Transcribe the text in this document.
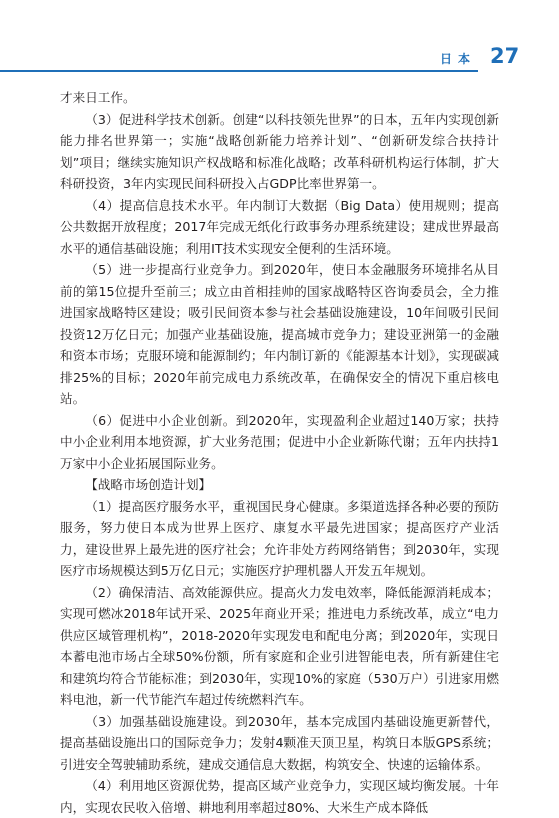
日本 27

才来日工作。

（3）促进科学技术创新。创建“以科技领先世界”的日本，五年内实现创新能力排名世界第一；实施“战略创新能力培养计划”、“创新研发综合扶持计划”项目；继续实施知识产权战略和标准化战略；改革科研机构运行体制，扩大科研投资，3年内实现民间科研投入占GDP比率世界第一。

（4）提高信息技术水平。年内制订大数据（Big Data）使用规则；提高公共数据开放程度；2017年完成无纸化行政事务办理系统建设；建成世界最高水平的通信基础设施；利用IT技术实现安全便利的生活环境。

（5）进一步提高行业竞争力。到2020年，使日本金融服务环境排名从目前的第15位提升至前三；成立由首相挂帅的国家战略特区咨询委员会，全力推进国家战略特区建设；吸引民间资本参与社会基础设施建设，10年间吸引民间投资12万亿日元；加强产业基础设施，提高城市竞争力；建设亚洲第一的金融和资本市场；克服环境和能源制约；年内制订新的《能源基本计划》，实现碳减排25%的目标；2020年前完成电力系统改革，在确保安全的情况下重启核电站。

（6）促进中小企业创新。到2020年，实现盈利企业超过140万家；扶持中小企业利用本地资源，扩大业务范围；促进中小企业新陈代谢；五年内扶持1万家中小企业拓展国际业务。

【战略市场创造计划】

（1）提高医疗服务水平，重视国民身心健康。多渠道选择各种必要的预防服务，努力使日本成为世界上医疗、康复水平最先进国家；提高医疗产业活力，建设世界上最先进的医疗社会；允许非处方药网络销售；到2030年，实现医疗市场规模达到5万亿日元；实施医疗护理机器人开发五年规划。

（2）确保清洁、高效能源供应。提高火力发电效率，降低能源消耗成本；实现可燃冰2018年试开采、2025年商业开采；推进电力系统改革，成立“电力供应区域管理机构”，2018-2020年实现发电和配电分离；到2020年，实现日本蓄电池市场占全球50%份额，所有家庭和企业引进智能电表，所有新建住宅和建筑均符合节能标准；到2030年，实现10%的家庭（530万户）引进家用燃料电池，新一代节能汽车超过传统燃料汽车。

（3）加强基础设施建设。到2030年，基本完成国内基础设施更新替代，提高基础设施出口的国际竞争力；发射4颗准天顶卫星，构筑日本版GPS系统；引进安全驾驶辅助系统，建成交通信息大数据，构筑安全、快速的运输体系。

（4）利用地区资源优势，提高区域产业竞争力，实现区域均衡发展。十年内，实现农民收入倍增、耕地利用率超过80%、大米生产成本降低
